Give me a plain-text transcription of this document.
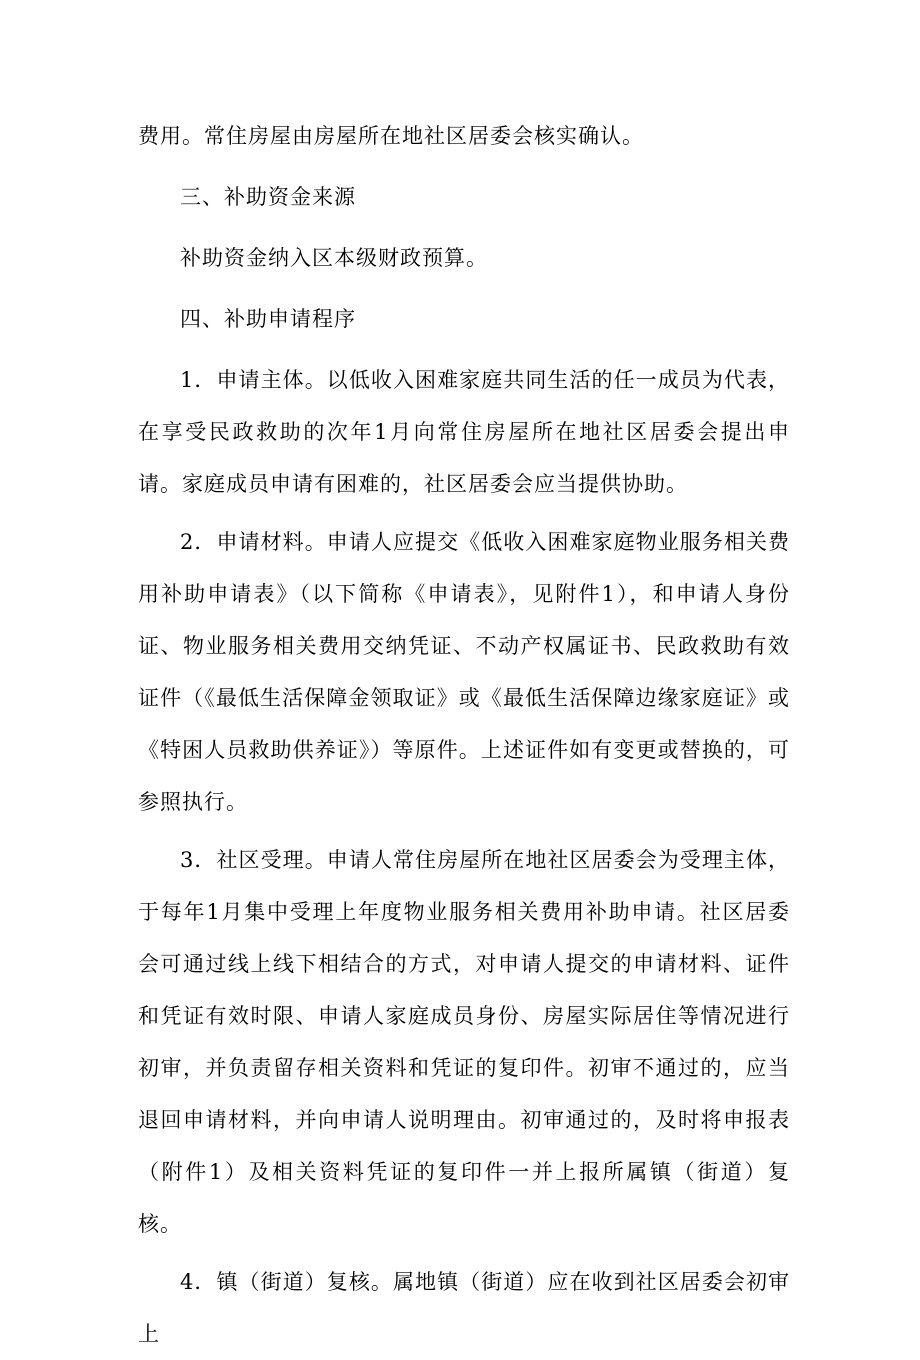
费用。常住房屋由房屋所在地社区居委会核实确认。

三、补助资金来源

补助资金纳入区本级财政预算。

四、补助申请程序

1．申请主体。以低收入困难家庭共同生活的任一成员为代表，在享受民政救助的次年1月向常住房屋所在地社区居委会提出申请。家庭成员申请有困难的，社区居委会应当提供协助。

2．申请材料。申请人应提交《低收入困难家庭物业服务相关费用补助申请表》（以下简称《申请表》，见附件1），和申请人身份证、物业服务相关费用交纳凭证、不动产权属证书、民政救助有效证件（《最低生活保障金领取证》或《最低生活保障边缘家庭证》或《特困人员救助供养证》）等原件。上述证件如有变更或替换的，可参照执行。

3．社区受理。申请人常住房屋所在地社区居委会为受理主体，于每年1月集中受理上年度物业服务相关费用补助申请。社区居委会可通过线上线下相结合的方式，对申请人提交的申请材料、证件和凭证有效时限、申请人家庭成员身份、房屋实际居住等情况进行初审，并负责留存相关资料和凭证的复印件。初审不通过的，应当退回申请材料，并向申请人说明理由。初审通过的，及时将申报表（附件1）及相关资料凭证的复印件一并上报所属镇（街道）复核。

4．镇（街道）复核。属地镇（街道）应在收到社区居委会初审上
